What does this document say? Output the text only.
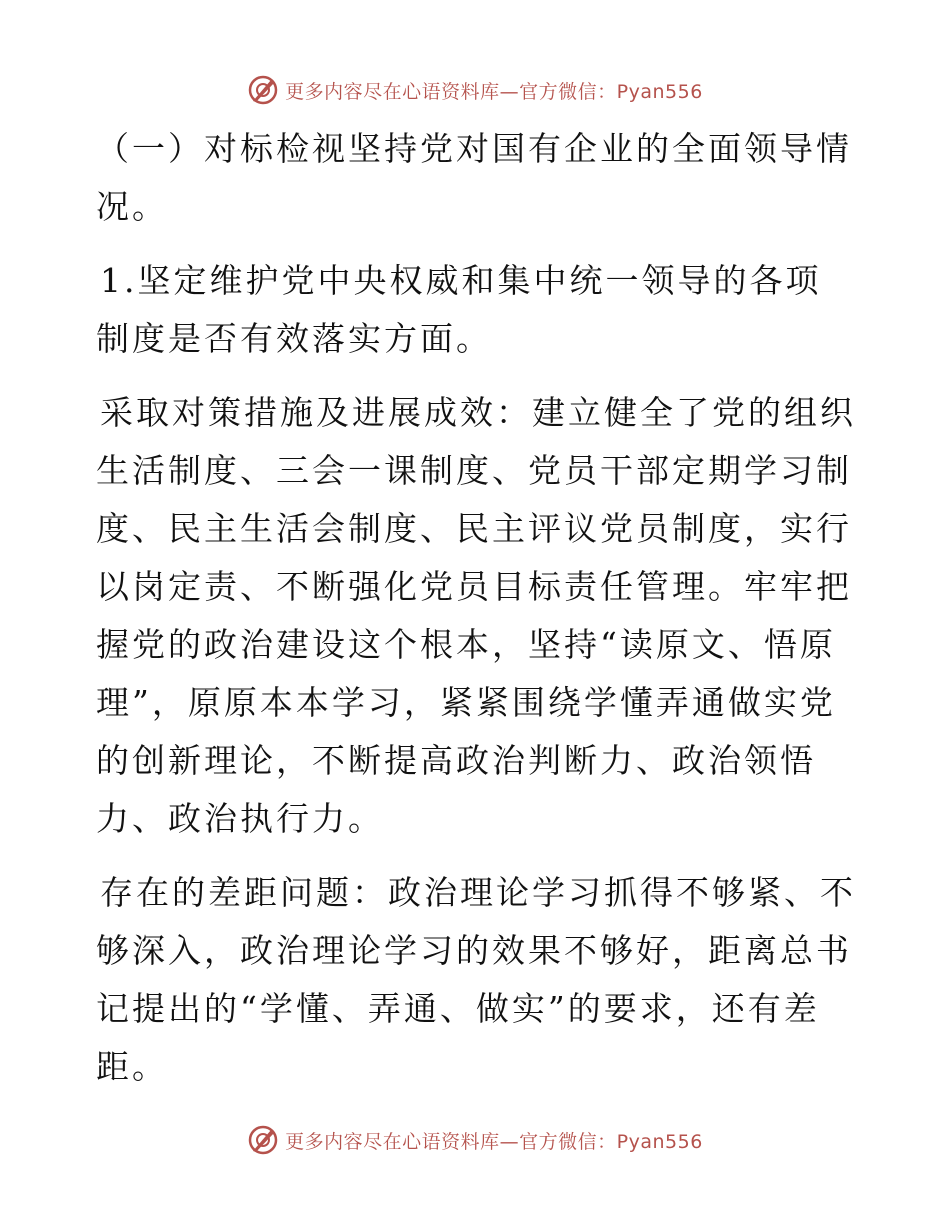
更多内容尽在心语资料库—官方微信：Pyan556

（一）对标检视坚持党对国有企业的全面领导情况。

1.坚定维护党中央权威和集中统一领导的各项制度是否有效落实方面。

采取对策措施及进展成效：建立健全了党的组织生活制度、三会一课制度、党员干部定期学习制度、民主生活会制度、民主评议党员制度，实行以岗定责、不断强化党员目标责任管理。牢牢把握党的政治建设这个根本，坚持“读原文、悟原理”，原原本本学习，紧紧围绕学懂弄通做实党的创新理论，不断提高政治判断力、政治领悟力、政治执行力。

存在的差距问题：政治理论学习抓得不够紧、不够深入，政治理论学习的效果不够好，距离总书记提出的“学懂、弄通、做实”的要求，还有差距。

更多内容尽在心语资料库—官方微信：Pyan556
